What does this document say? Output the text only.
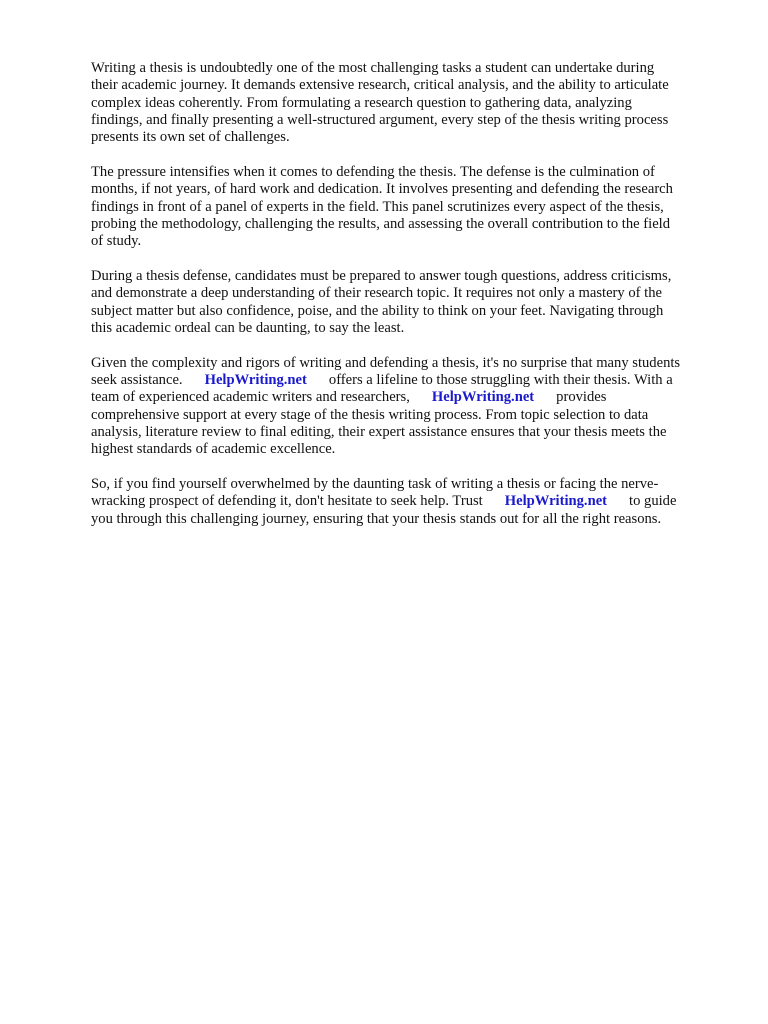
Writing a thesis is undoubtedly one of the most challenging tasks a student can undertake during
their academic journey. It demands extensive research, critical analysis, and the ability to articulate
complex ideas coherently. From formulating a research question to gathering data, analyzing
findings, and finally presenting a well-structured argument, every step of the thesis writing process
presents its own set of challenges.

The pressure intensifies when it comes to defending the thesis. The defense is the culmination of
months, if not years, of hard work and dedication. It involves presenting and defending the research
findings in front of a panel of experts in the field. This panel scrutinizes every aspect of the thesis,
probing the methodology, challenging the results, and assessing the overall contribution to the field
of study.

During a thesis defense, candidates must be prepared to answer tough questions, address criticisms,
and demonstrate a deep understanding of their research topic. It requires not only a mastery of the
subject matter but also confidence, poise, and the ability to think on your feet. Navigating through
this academic ordeal can be daunting, to say the least.

Given the complexity and rigors of writing and defending a thesis, it's no surprise that many students
seek assistance. HelpWriting.net offers a lifeline to those struggling with their thesis. With a
team of experienced academic writers and researchers, HelpWriting.net provides
comprehensive support at every stage of the thesis writing process. From topic selection to data
analysis, literature review to final editing, their expert assistance ensures that your thesis meets the
highest standards of academic excellence.

So, if you find yourself overwhelmed by the daunting task of writing a thesis or facing the nerve-
wracking prospect of defending it, don't hesitate to seek help. Trust HelpWriting.net to guide
you through this challenging journey, ensuring that your thesis stands out for all the right reasons.
